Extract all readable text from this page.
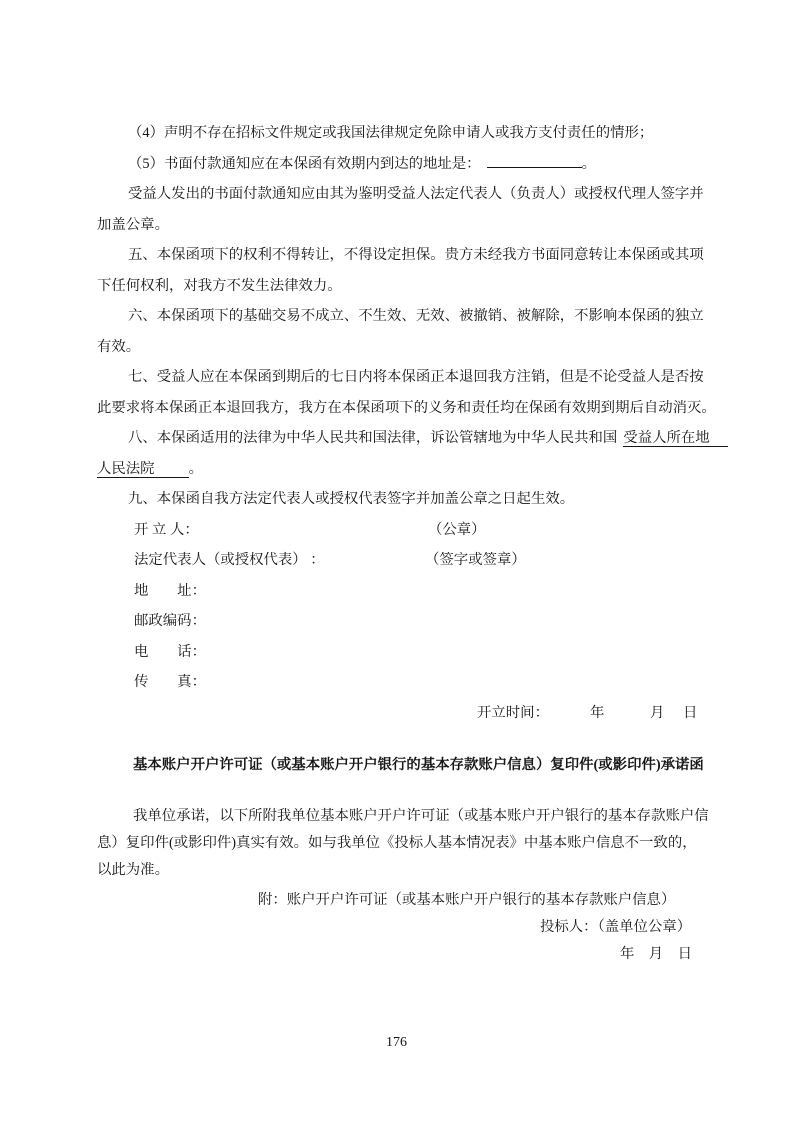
（4）声明不存在招标文件规定或我国法律规定免除申请人或我方支付责任的情形；
（5）书面付款通知应在本保函有效期内到达的地址是：	。
受益人发出的书面付款通知应由其为鉴明受益人法定代表人（负责人）或授权代理人签字并
加盖公章。
五、本保函项下的权利不得转让，不得设定担保。贵方未经我方书面同意转让本保函或其项
下任何权利，对我方不发生法律效力。
六、本保函项下的基础交易不成立、不生效、无效、被撤销、被解除，不影响本保函的独立
有效。
七、受益人应在本保函到期后的七日内将本保函正本退回我方注销，但是不论受益人是否按
此要求将本保函正本退回我方，我方在本保函项下的义务和责任均在保函有效期到期后自动消灭。
八、本保函适用的法律为中华人民共和国法律，诉讼管辖地为中华人民共和国 受益人所在地
人民法院 。
九、本保函自我方法定代表人或授权代表签字并加盖公章之日起生效。
开 立 人：	（公章）
法定代表人（或授权代表） ：	（签字或签章）
地　　址：
邮政编码：
电　　话：
传　　真：
开立时间：	年	月 日
基本账户开户许可证（或基本账户开户银行的基本存款账户信息）复印件(或影印件)承诺函
我单位承诺，以下所附我单位基本账户开户许可证（或基本账户开户银行的基本存款账户信
息）复印件(或影印件)真实有效。如与我单位《投标人基本情况表》中基本账户信息不一致的，
以此为准。
附：账户开户许可证（或基本账户开户银行的基本存款账户信息）
投标人：（盖单位公章）
年　月　日
176
